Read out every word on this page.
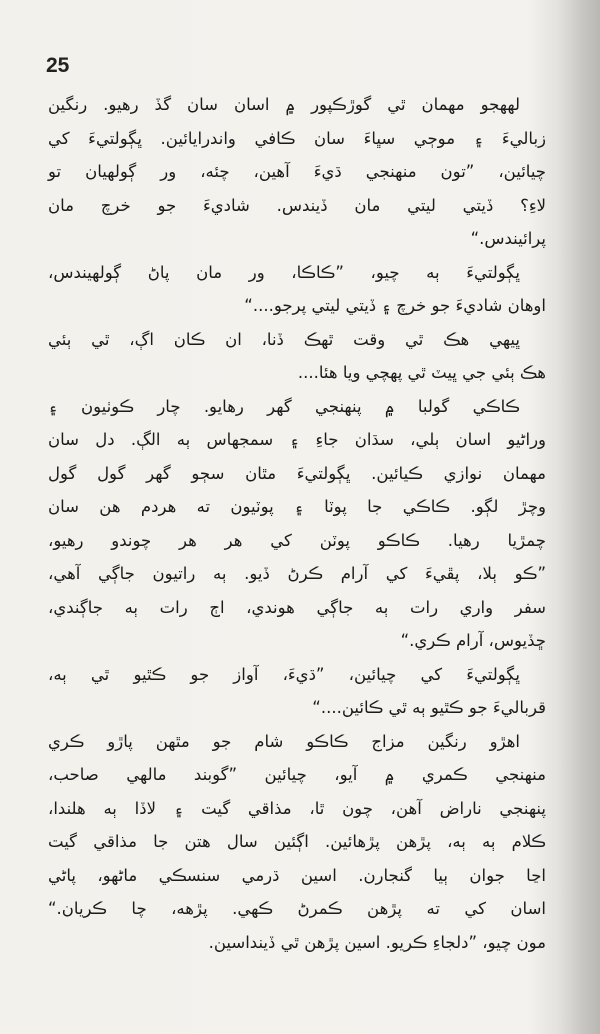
25
لهھجو مھمان ٿي گوڙڪپور ۾ اسان سان گڏ رهيو. رنگين
زباليءَ ۽ موڄي سڀاءَ سان ڪافي واندرايائين. ڀڳولتيءَ کي
چيائين، ”تون منهنجي ڌيءَ آهين، چئه، ور ڳولهيان تو
لاءِ؟ ڏيتي ليتي مان ڏيندس. شاديءَ جو خرچ مان
پرائيندس.“
ڀڳولتيءَ ٻه چيو، ”ڪاڪا، ور مان پاڻ ڳولهيندس،
اوهان شاديءَ جو خرچ ۽ ڏيتي ليتي پرجو....“
ڀيھي هڪ ٿي وقت ٿهڪ ڏنا، ان ڪان اڳ، ٿي ٻئي
هڪ ٻئي جي ڀيٽ ٿي پهچي ويا هئا....
ڪاڪي گولبا ۾ پنهنجي گهر رهايو. چار ڪوٺيون ۽
وراڻيو اسان ٻلي، سڌان جاءِ ۽ سمجهاس ٻه الڳ. دل سان
مهمان نوازي ڪيائين. ڀڳولتيءَ مٿان سڄو گهر گول گول
وچڙ لڳو. ڪاڪي جا پوٽا ۽ پوٽيون ته هردم هن سان
چمڙيا رهيا. ڪاڪو پوٽن کي هر هر چوندو رهيو،
”ڪو ٻلا، پڦيءَ کي آرام ڪرڻ ڏيو. ٻه راتيون جاڳي آهي،
سفر واري رات ٻه جاڳي هوندي، اڄ رات ٻه جاڳندي،
ڇڏيوس، آرام ڪري.“
ڀڳولتيءَ کي چيائين، ”ڌيءَ، آواز جو ڪٿيو ٿي ٻه،
قرباليءَ جو ڪٿيو ٻه ٿي ڪائين....“
اهڙو رنگين مزاج ڪاڪو شام جو مٿهن پاڙو ڪري
منهنجي ڪمري ۾ آيو، چيائين ”گوبند مالهي صاحب،
پنهنجي ناراض آهن، چون ٿا، مذاقي گيت ۽ لاڏا ٻه هلندا،
ڪلام ٻه ٻه، پڙهن پڙهائين. اڳئين سال هتن جا مذاقي گيت
اڃا جوان ٻيا گنجارن. اسين ڌرمي سنسڪي ماڻهو، پاڻي
اسان کي ته پڙهن ڪمرڻ ڪهي. پڙهه، چا ڪريان.“
مون چيو، ”دلجاءِ ڪريو. اسين پڙهن ٿي ڏينداسين.
